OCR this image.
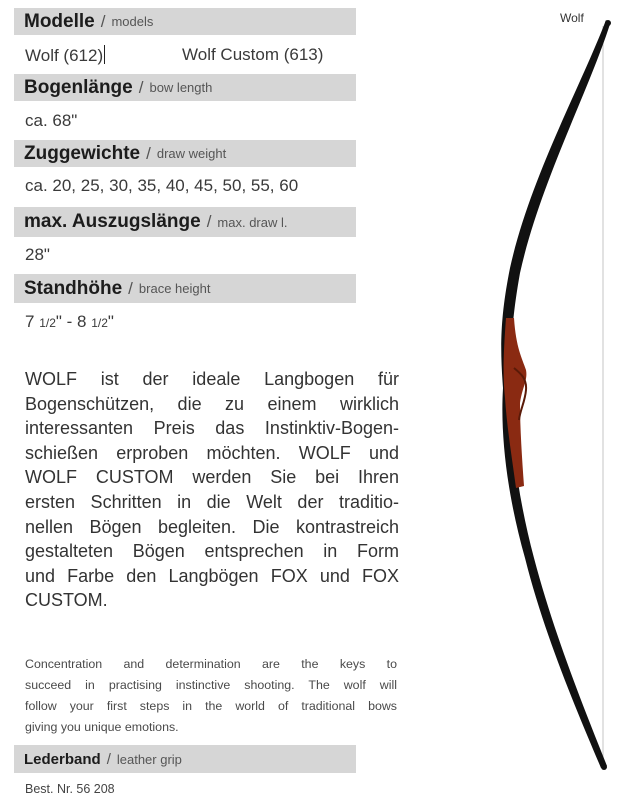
Modelle / models
Wolf (612)	Wolf Custom (613)
Bogenlänge / bow length
ca. 68"
Zuggewichte / draw weight
ca. 20, 25, 30, 35, 40, 45, 50, 55, 60
max. Auszugslänge / max. draw l.
28"
Standhöhe / brace height
7 1/2" - 8 1/2"
WOLF ist der ideale Langbogen für
Bogenschützen, die zu einem wirklich
interessanten Preis das Instinktiv-Bogen-
schießen erproben möchten. WOLF und
WOLF CUSTOM werden Sie bei Ihren
ersten Schritten in die Welt der traditio-
nellen Bögen begleiten. Die kontrastreich
gestalteten Bögen entsprechen in Form
und Farbe den Langbögen FOX und FOX
CUSTOM.
Concentration and determination are the keys to
succeed in practising instinctive shooting. The wolf will
follow your first steps in the world of traditional bows
giving you unique emotions.
Lederband / leather grip
Best. Nr. 56 208
Wolf
